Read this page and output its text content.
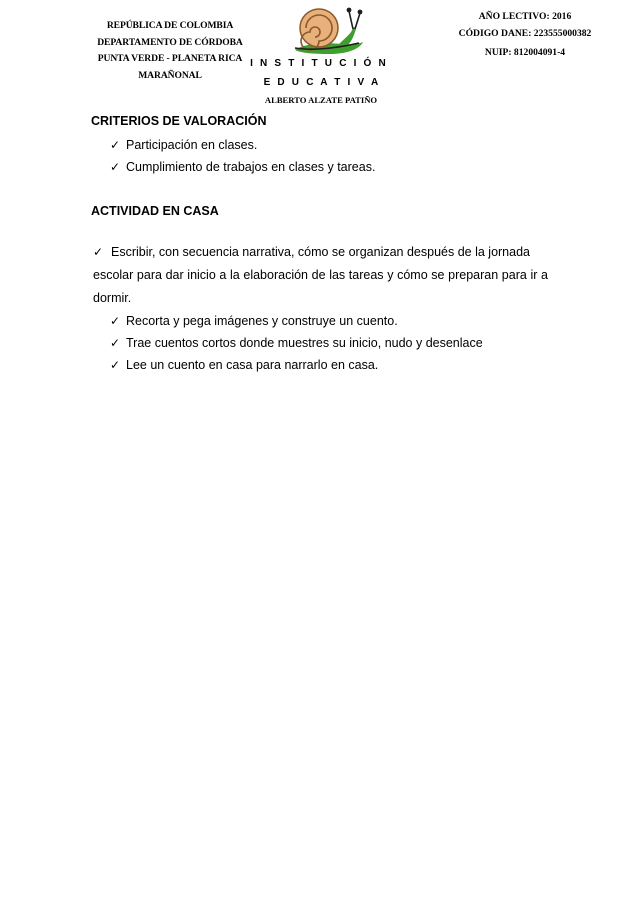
REPÚBLICA DE COLOMBIA
DEPARTAMENTO DE CÓRDOBA
PUNTA VERDE - PLANETA RICA
MARAÑONAL
AÑO LECTIVO: 2016
CÓDIGO DANE: 223555000382
NUIP: 812004091-4
I N S T I T U C I Ó N
E D U C A T I V A
ALBERTO ALZATE PATIÑO
CRITERIOS DE VALORACIÓN
✓ Participación en clases.
✓ Cumplimiento de trabajos en clases y tareas.
ACTIVIDAD EN CASA
✓ Escribir, con secuencia narrativa, cómo se organizan después de la jornada
escolar para dar inicio a la elaboración de las tareas y cómo se preparan para ir a dormir.
✓ Recorta y pega imágenes y construye un cuento.
✓ Trae cuentos cortos donde muestres su inicio, nudo y desenlace
✓ Lee un cuento en casa para narrarlo en casa.
